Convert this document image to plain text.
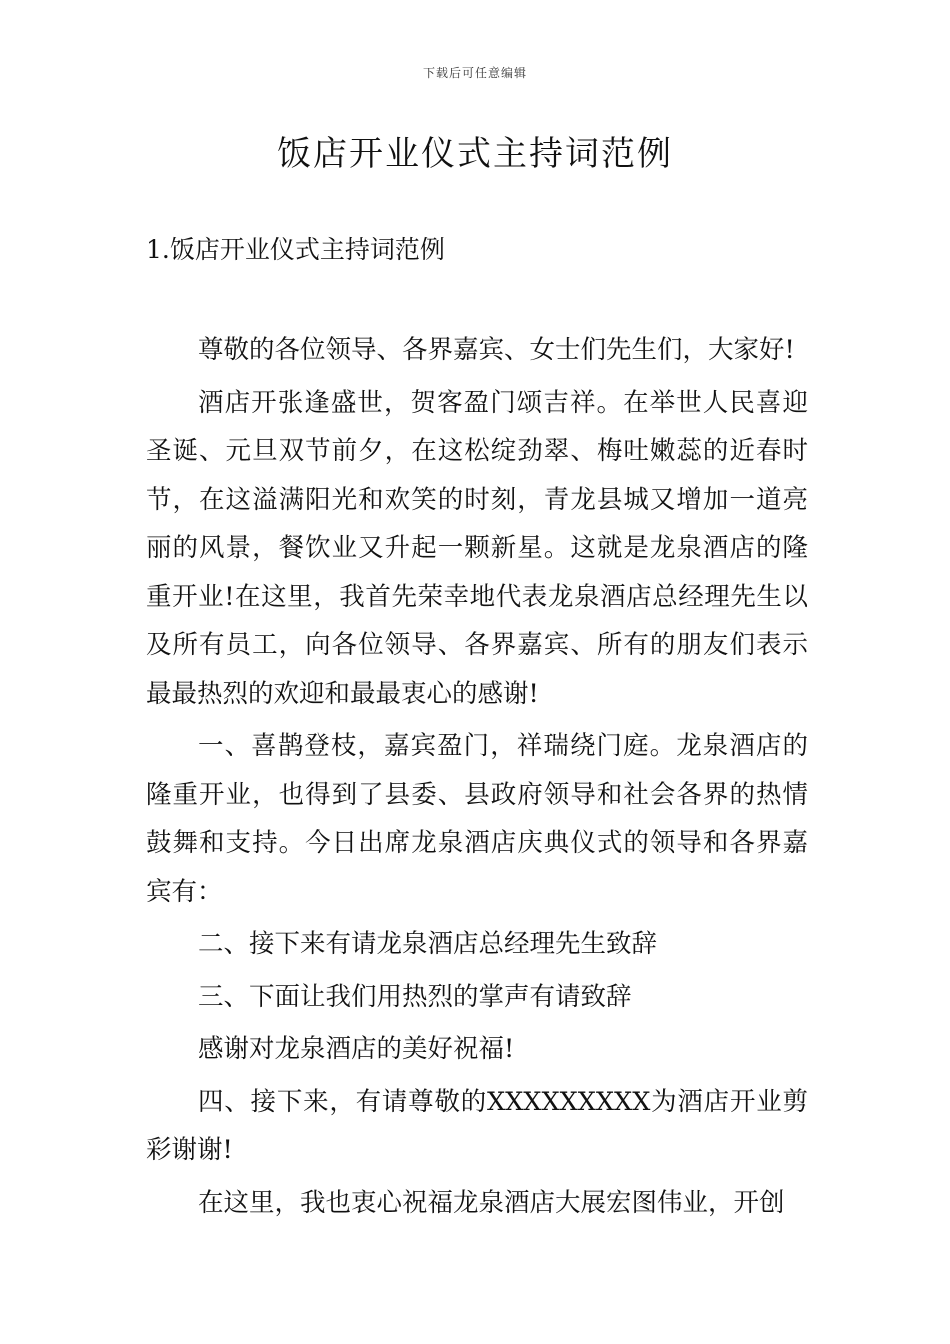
下载后可任意编辑
饭店开业仪式主持词范例
1.饭店开业仪式主持词范例

尊敬的各位领导、各界嘉宾、女士们先生们，大家好!

酒店开张逢盛世，贺客盈门颂吉祥。在举世人民喜迎圣诞、元旦双节前夕，在这松绽劲翠、梅吐嫩蕊的近春时节，在这溢满阳光和欢笑的时刻，青龙县城又增加一道亮丽的风景，餐饮业又升起一颗新星。这就是龙泉酒店的隆重开业!在这里，我首先荣幸地代表龙泉酒店总经理先生以及所有员工，向各位领导、各界嘉宾、所有的朋友们表示最最热烈的欢迎和最最衷心的感谢!

一、喜鹊登枝，嘉宾盈门，祥瑞绕门庭。龙泉酒店的隆重开业，也得到了县委、县政府领导和社会各界的热情鼓舞和支持。今日出席龙泉酒店庆典仪式的领导和各界嘉宾有：

二、接下来有请龙泉酒店总经理先生致辞

三、下面让我们用热烈的掌声有请致辞

感谢对龙泉酒店的美好祝福!

四、接下来，有请尊敬的XXXXXXXXX为酒店开业剪彩谢谢!

在这里，我也衷心祝福龙泉酒店大展宏图伟业，开创
